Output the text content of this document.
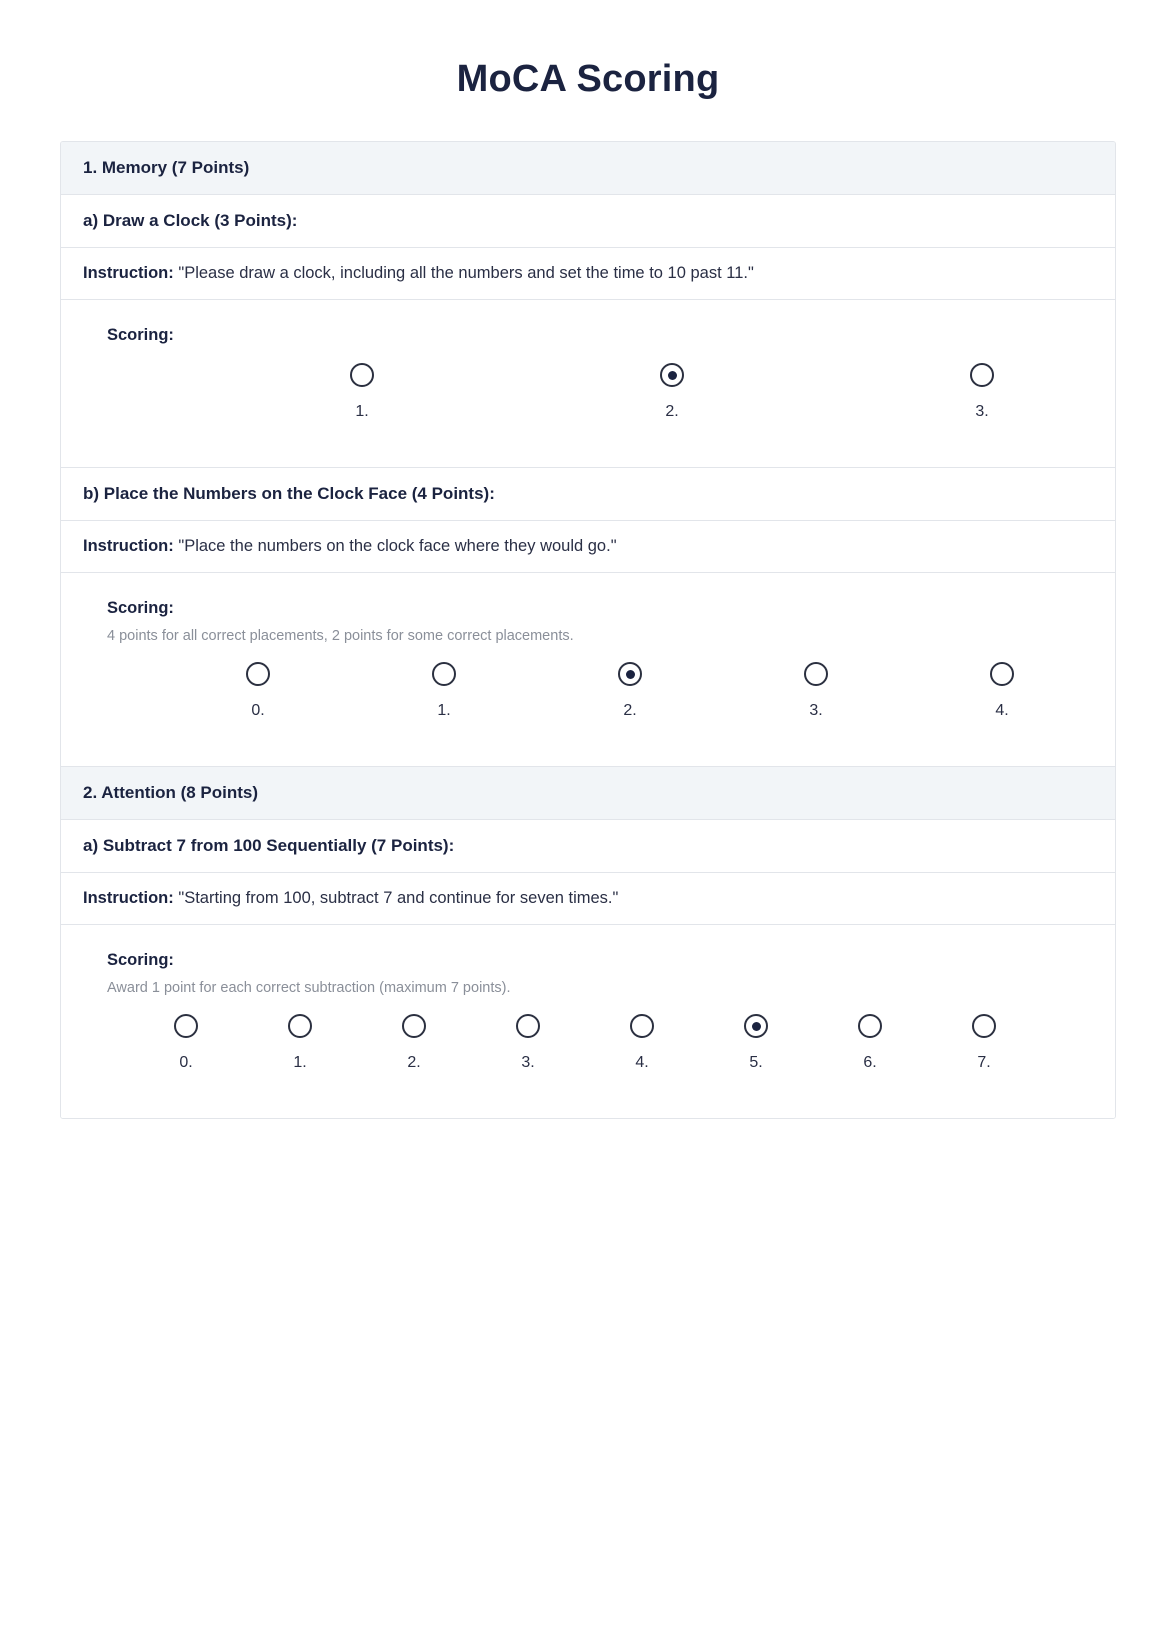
MoCA Scoring
1. Memory (7 Points)
a) Draw a Clock (3 Points):
Instruction: "Please draw a clock, including all the numbers and set the time to 10 past 11."
Scoring:
1.	2.	3.
b) Place the Numbers on the Clock Face (4 Points):
Instruction: "Place the numbers on the clock face where they would go."
Scoring:
4 points for all correct placements, 2 points for some correct placements.
0.	1.	2.	3.	4.
2. Attention (8 Points)
a) Subtract 7 from 100 Sequentially (7 Points):
Instruction: "Starting from 100, subtract 7 and continue for seven times."
Scoring:
Award 1 point for each correct subtraction (maximum 7 points).
0.	1.	2.	3.	4.	5.	6.	7.
